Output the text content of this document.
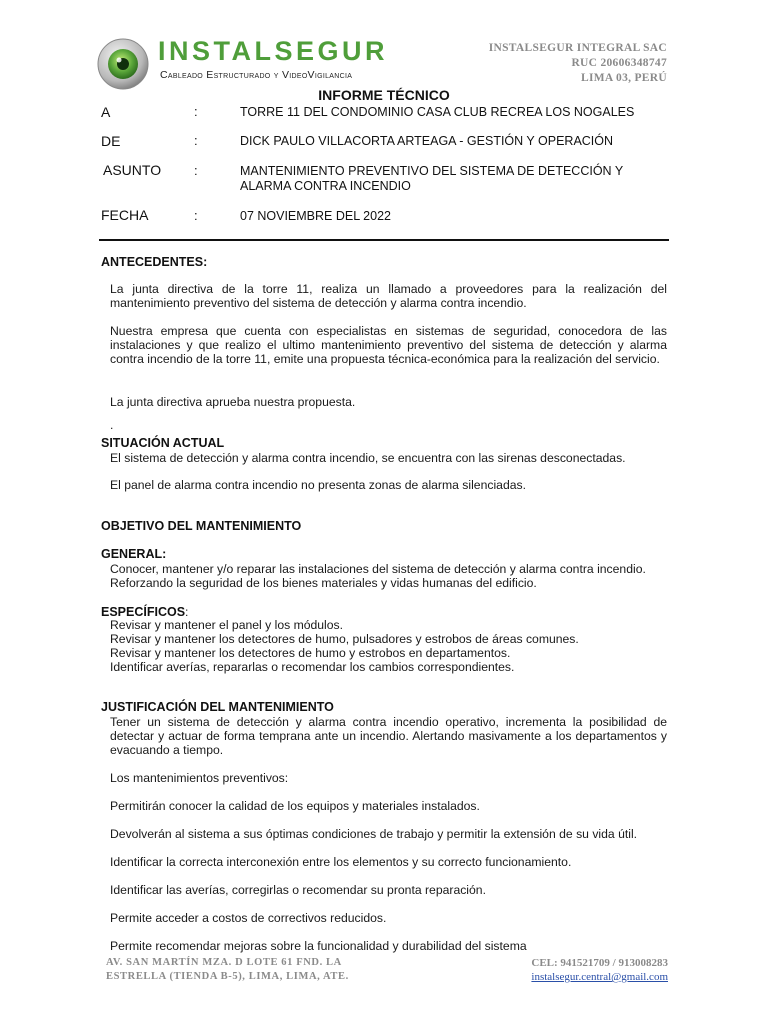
INSTALSEGUR
Cableado Estructurado y VideoVigilancia
INSTALSEGUR INTEGRAL SAC
RUC 20606348747
LIMA 03, PERÚ
INFORME TÉCNICO
A	:	TORRE 11 DEL CONDOMINIO CASA CLUB RECREA LOS NOGALES
DE	:	DICK PAULO VILLACORTA ARTEAGA - GESTIÓN Y OPERACIÓN
ASUNTO	:	MANTENIMIENTO PREVENTIVO DEL SISTEMA DE DETECCIÓN Y
ALARMA CONTRA INCENDIO
FECHA	:	07 NOVIEMBRE DEL 2022
ANTECEDENTES:
La junta directiva de la torre 11, realiza un llamado a proveedores para la realización del mantenimiento preventivo del sistema de detección y alarma contra incendio.
Nuestra empresa que cuenta con especialistas en sistemas de seguridad, conocedora de las instalaciones y que realizo el ultimo mantenimiento preventivo del sistema de detección y alarma contra incendio de la torre 11, emite una propuesta técnica-económica para la realización del servicio.
La junta directiva aprueba nuestra propuesta.
.
SITUACIÓN ACTUAL
El sistema de detección y alarma contra incendio, se encuentra con las sirenas desconectadas.
El panel de alarma contra incendio no presenta zonas de alarma silenciadas.
OBJETIVO DEL MANTENIMIENTO
GENERAL:
Conocer, mantener y/o reparar las instalaciones del sistema de detección y alarma contra incendio.
Reforzando la seguridad de los bienes materiales y vidas humanas del edificio.
ESPECÍFICOS:
Revisar y mantener el panel y los módulos.
Revisar y mantener los detectores de humo, pulsadores y estrobos de áreas comunes.
Revisar y mantener los detectores de humo y estrobos en departamentos.
Identificar averías, repararlas o recomendar los cambios correspondientes.
JUSTIFICACIÓN DEL MANTENIMIENTO
Tener un sistema de detección y alarma contra incendio operativo, incrementa la posibilidad de detectar y actuar de forma temprana ante un incendio. Alertando masivamente a los departamentos y evacuando a tiempo.
Los mantenimientos preventivos:
Permitirán conocer la calidad de los equipos y materiales instalados.
Devolverán al sistema a sus óptimas condiciones de trabajo y permitir la extensión de su vida útil.
Identificar la correcta interconexión entre los elementos y su correcto funcionamiento.
Identificar las averías, corregirlas o recomendar su pronta reparación.
Permite acceder a costos de correctivos reducidos.
Permite recomendar mejoras sobre la funcionalidad y durabilidad del sistema
AV. SAN MARTÍN MZA. D LOTE 61 FND. LA
ESTRELLA (TIENDA B-5), LIMA, LIMA, ATE.
CEL: 941521709 / 913008283
instalsegur.central@gmail.com
